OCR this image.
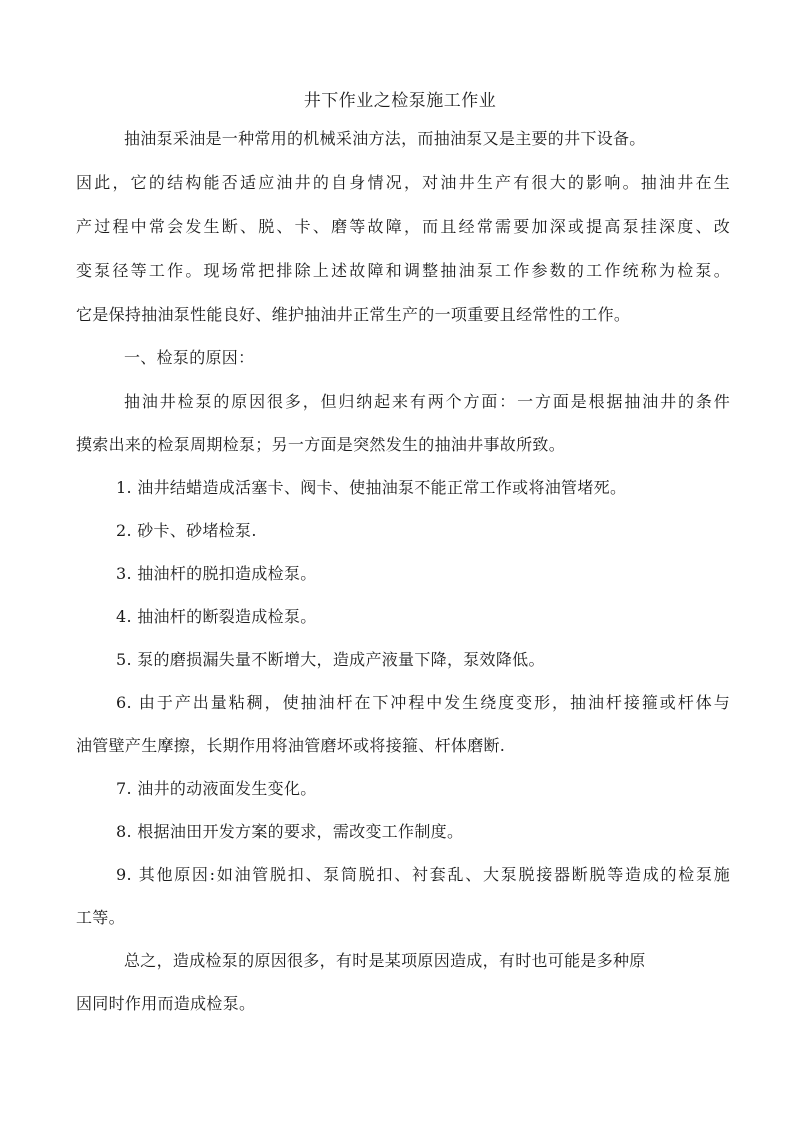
井下作业之检泵施工作业
抽油泵采油是一种常用的机械采油方法，而抽油泵又是主要的井下设备。
因此，它的结构能否适应油井的自身情况，对油井生产有很大的影响。抽油井在生
产过程中常会发生断、脱、卡、磨等故障，而且经常需要加深或提高泵挂深度、改
变泵径等工作。现场常把排除上述故障和调整抽油泵工作参数的工作统称为检泵。
它是保持抽油泵性能良好、维护抽油井正常生产的一项重要且经常性的工作。
一、检泵的原因：
抽油井检泵的原因很多，但归纳起来有两个方面：一方面是根据抽油井的条件
摸索出来的检泵周期检泵；另一方面是突然发生的抽油井事故所致。
1. 油井结蜡造成活塞卡、阀卡、使抽油泵不能正常工作或将油管堵死。
2. 砂卡、砂堵检泵.
3. 抽油杆的脱扣造成检泵。
4. 抽油杆的断裂造成检泵。
5. 泵的磨损漏失量不断增大，造成产液量下降，泵效降低。
6. 由于产出量粘稠，使抽油杆在下冲程中发生绕度变形，抽油杆接箍或杆体与
油管壁产生摩擦，长期作用将油管磨坏或将接箍、杆体磨断.
7. 油井的动液面发生变化。
8. 根据油田开发方案的要求，需改变工作制度。
9. 其他原因:如油管脱扣、泵筒脱扣、衬套乱、大泵脱接器断脱等造成的检泵施
工等。
总之，造成检泵的原因很多，有时是某项原因造成，有时也可能是多种原
因同时作用而造成检泵。
